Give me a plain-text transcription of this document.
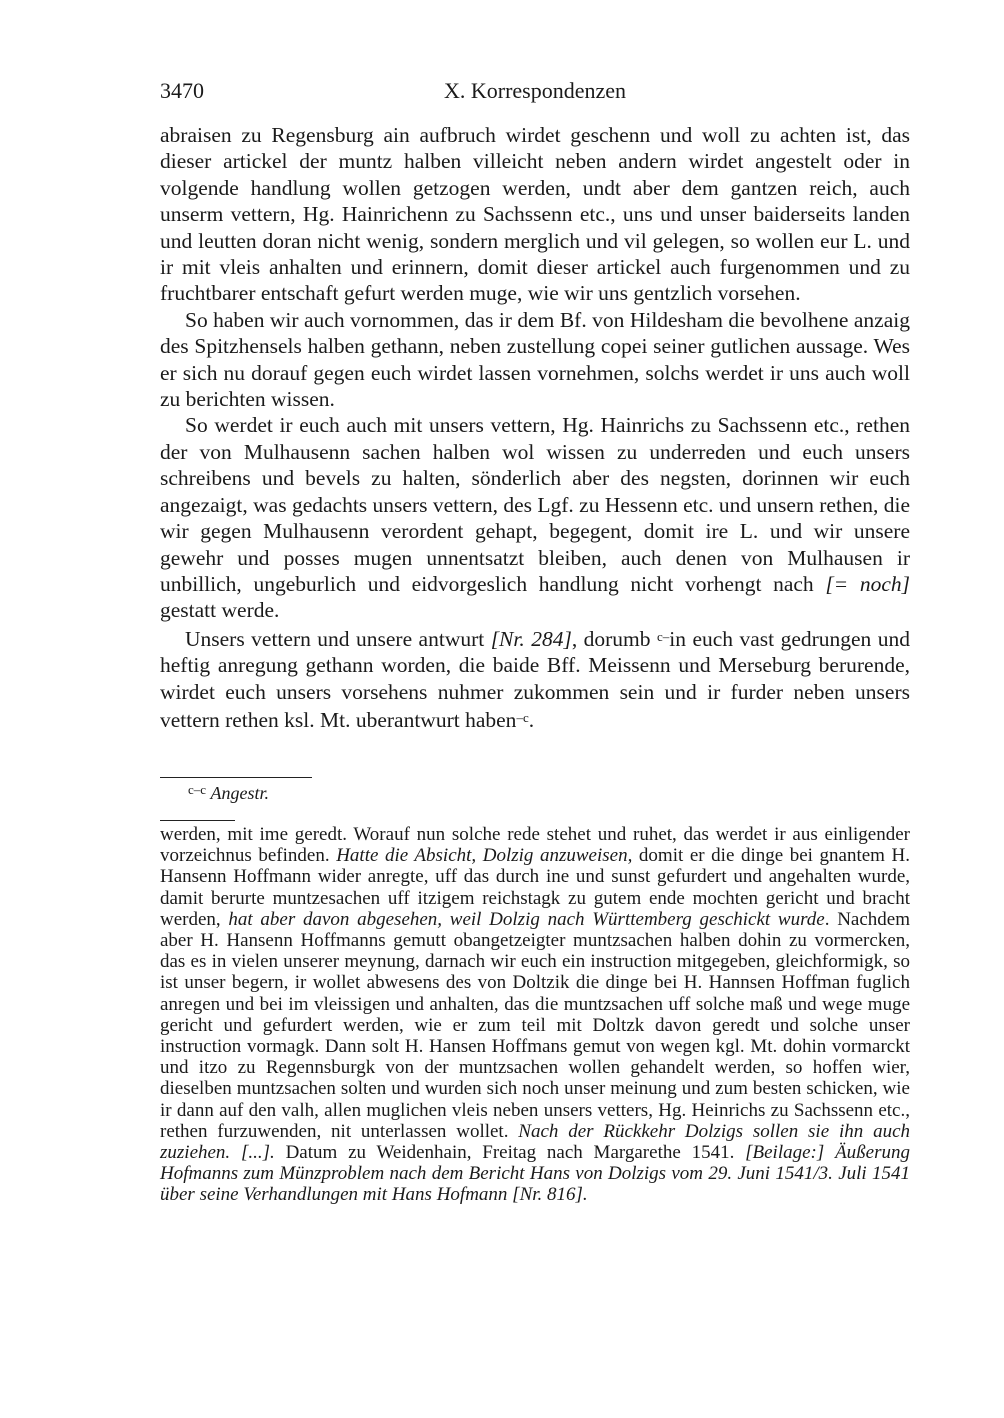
3470	X. Korrespondenzen

abraisen zu Regensburg ain aufbruch wirdet geschenn und woll zu achten ist, das dieser artickel der muntz halben villeicht neben andern wirdet angestelt oder in volgende handlung wollen getzogen werden, undt aber dem gantzen reich, auch unserm vettern, Hg. Hainrichenn zu Sachssenn etc., uns und unser baiderseits landen und leutten doran nicht wenig, sondern merglich und vil gelegen, so wollen eur L. und ir mit vleis anhalten und erinnern, domit dieser artickel auch furgenommen und zu fruchtbarer entschaft gefurt werden muge, wie wir uns gentzlich vorsehen.

So haben wir auch vornommen, das ir dem Bf. von Hildesham die bevolhene anzaig des Spitzhensels halben gethann, neben zustellung copei seiner gutlichen aussage. Wes er sich nu dorauf gegen euch wirdet lassen vornehmen, solchs werdet ir uns auch woll zu berichten wissen.

So werdet ir euch auch mit unsers vettern, Hg. Hainrichs zu Sachssenn etc., rethen der von Mulhausenn sachen halben wol wissen zu underreden und euch unsers schreibens und bevels zu halten, sönderlich aber des negsten, dorinnen wir euch angezaigt, was gedachts unsers vettern, des Lgf. zu Hessenn etc. und unsern rethen, die wir gegen Mulhausenn verordent gehapt, begegent, domit ire L. und wir unsere gewehr und posses mugen unnentsatzt bleiben, auch denen von Mulhausen ir unbillich, ungeburlich und eidvorgeslich handlung nicht vorhengt nach [= noch] gestatt werde.

Unsers vettern und unsere antwurt [Nr. 284], dorumb $^{c-}$in euch vast gedrungen und heftig anregung gethann worden, die baide Bff. Meissenn und Merseburg berurende, wirdet euch unsers vorsehens nuhmer zukommen sein und ir furder neben unsers vettern rethen ksl. Mt. uberantwurt haben$^{-c}$.

$^{c-c}$ Angestr.

werden, mit ime geredt. Worauf nun solche rede stehet und ruhet, das werdet ir aus einligender vorzeichnus befinden. Hatte die Absicht, Dolzig anzuweisen, domit er die dinge bei gnantem H. Hansenn Hoffmann wider anregte, uff das durch ine und sunst gefurdert und angehalten wurde, damit berurte muntzesachen uff itzigem reichstagk zu gutem ende mochten gericht und bracht werden, hat aber davon abgesehen, weil Dolzig nach Württemberg geschickt wurde. Nachdem aber H. Hansenn Hoffmanns gemutt obangetzeigter muntzsachen halben dohin zu vormercken, das es in vielen unserer meynung, darnach wir euch ein instruction mitgegeben, gleichformigk, so ist unser begern, ir wollet abwesens des von Doltzik die dinge bei H. Hannsen Hoffman fuglich anregen und bei im vleissigen und anhalten, das die muntzsachen uff solche maß und wege muge gericht und gefurdert werden, wie er zum teil mit Doltzk davon geredt und solche unser instruction vormagk. Dann solt H. Hansen Hoffmans gemut von wegen kgl. Mt. dohin vormarckt und itzo zu Regennsburgk von der muntzsachen wollen gehandelt werden, so hoffen wier, dieselben muntzsachen solten und wurden sich noch unser meinung und zum besten schicken, wie ir dann auf den valh, allen muglichen vleis neben unsers vetters, Hg. Heinrichs zu Sachssenn etc., rethen furzuwenden, nit unterlassen wollet. Nach der Rückkehr Dolzigs sollen sie ihn auch zuziehen. [...]. Datum zu Weidenhain, Freitag nach Margarethe 1541. [Beilage:] Äußerung Hofmanns zum Münzproblem nach dem Bericht Hans von Dolzigs vom 29. Juni 1541/3. Juli 1541 über seine Verhandlungen mit Hans Hofmann [Nr. 816].
